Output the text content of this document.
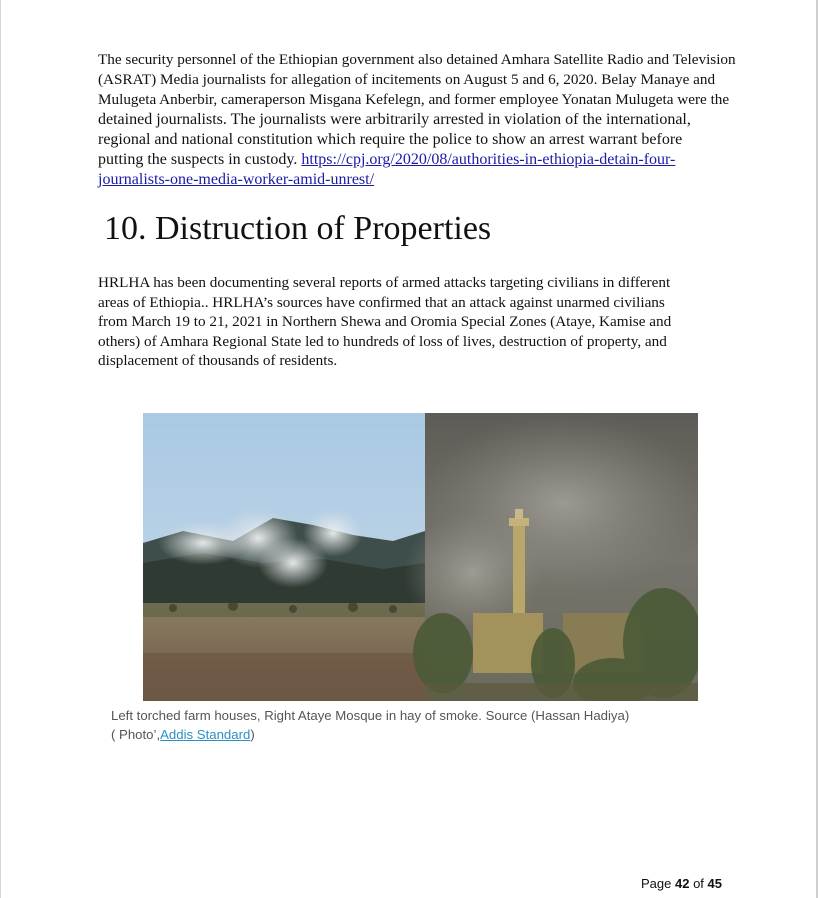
The security personnel of the Ethiopian government also detained Amhara Satellite Radio and Television
(ASRAT) Media journalists for allegation of incitements on August 5 and 6, 2020. Belay Manaye and
Mulugeta Anberbir, cameraperson Misgana Kefelegn, and former employee Yonatan Mulugeta were the
detained journalists. The journalists were arbitrarily arrested in violation of the international,
regional and national constitution which require the police to show an arrest warrant before
putting the suspects in custody. https://cpj.org/2020/08/authorities-in-ethiopia-detain-four-
journalists-one-media-worker-amid-unrest/
10. Distruction of Properties
HRLHA has been documenting several reports of armed attacks targeting civilians in different
areas of Ethiopia.. HRLHA’s sources have confirmed that an attack against unarmed civilians
from March 19 to 21, 2021 in Northern Shewa and Oromia Special Zones (Ataye, Kamise and
others) of Amhara Regional State led to hundreds of loss of lives, destruction of property, and
displacement of thousands of residents.
Left torched farm houses, Right Ataye Mosque in hay of smoke. Source (Hassan Hadiya)
( Photo’,Addis Standard)
Page 42 of 45
